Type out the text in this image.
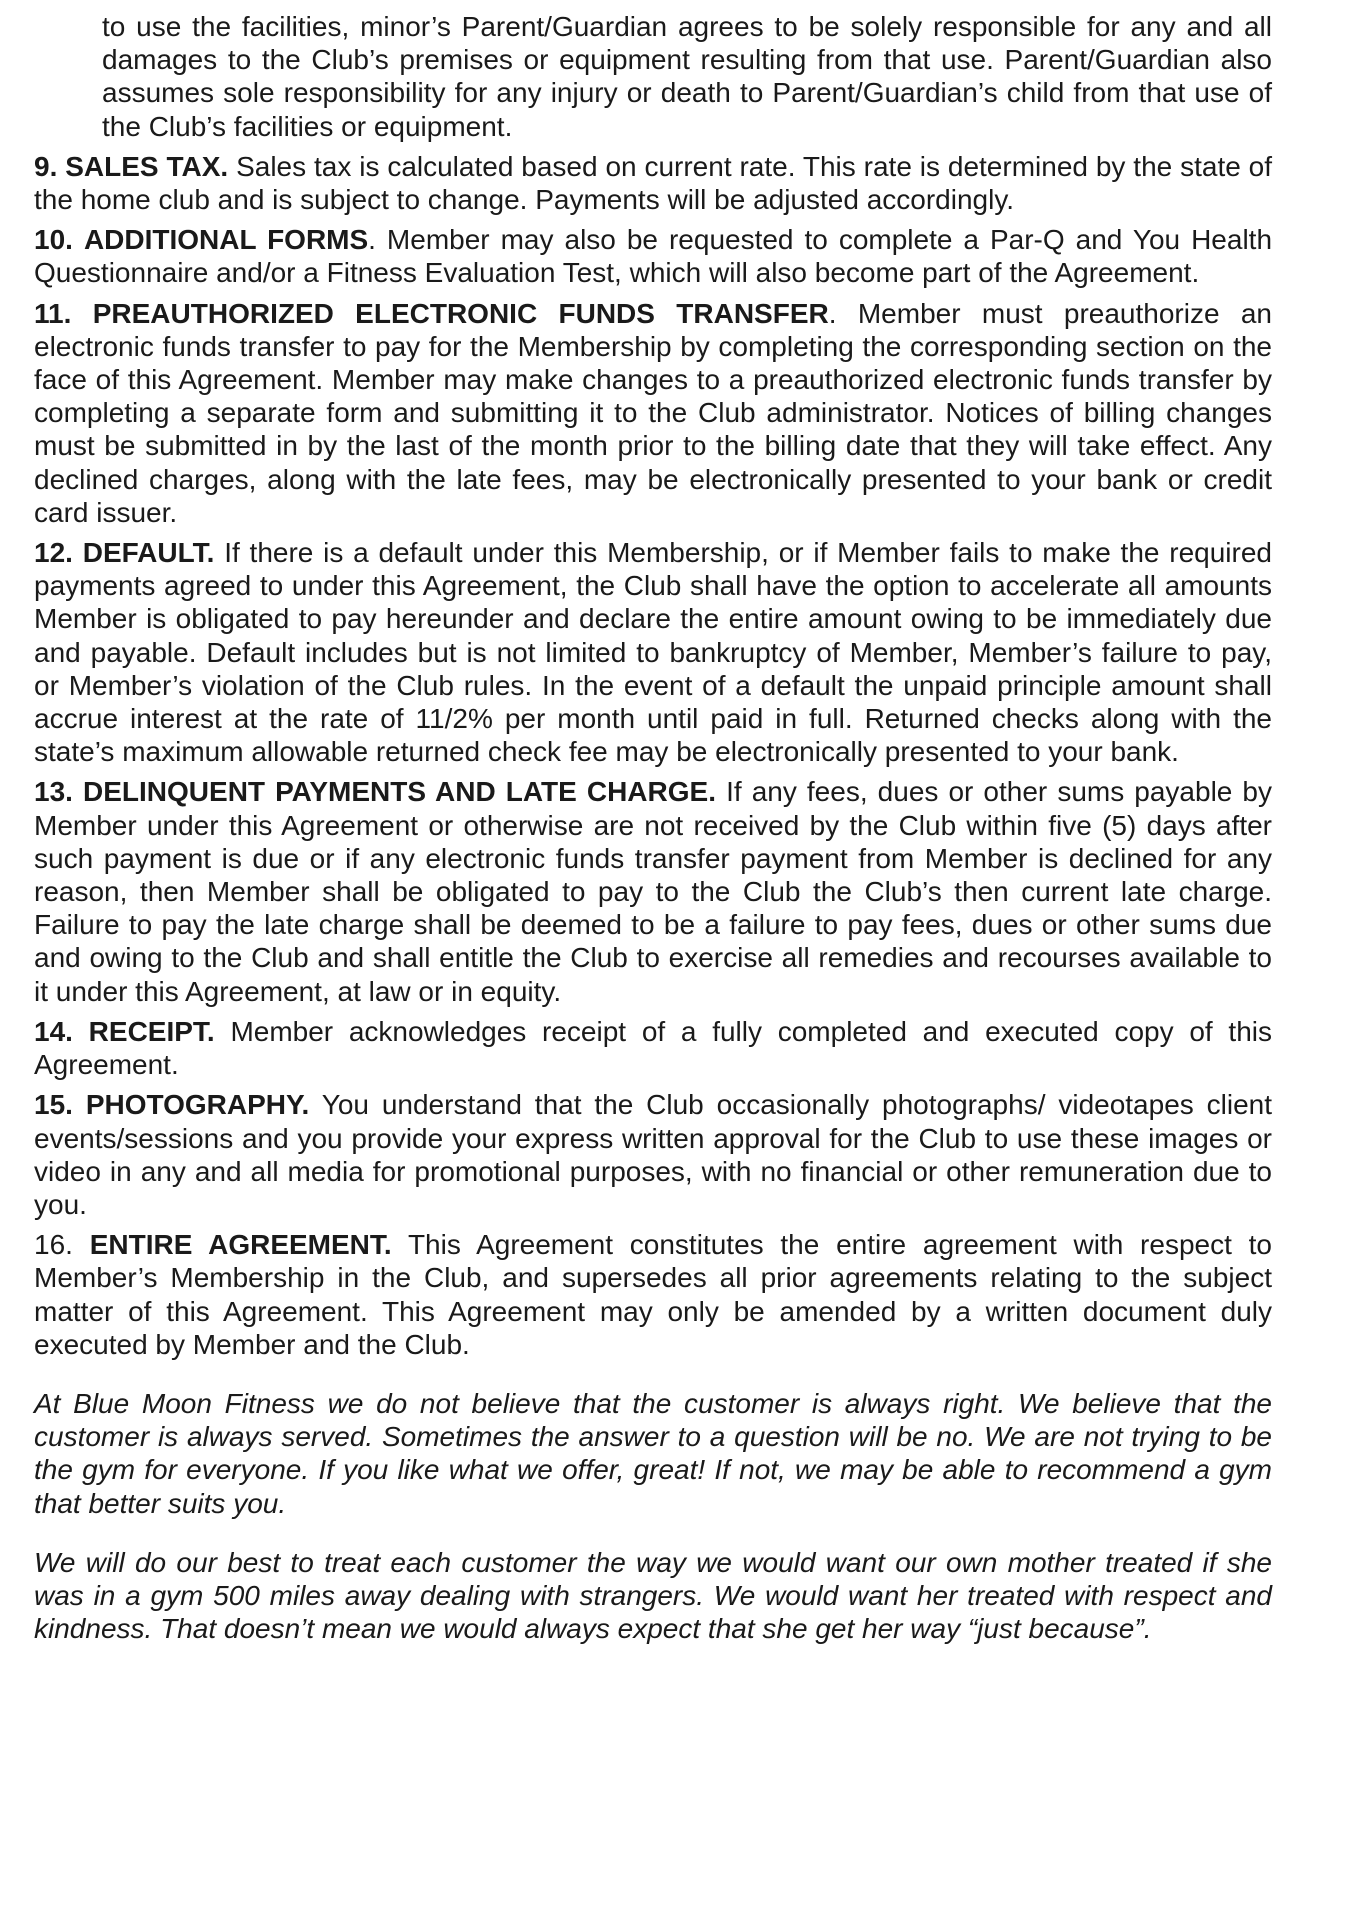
to use the facilities, minor’s Parent/Guardian agrees to be solely responsible for any and all damages to the Club’s premises or equipment resulting from that use. Parent/Guardian also assumes sole responsibility for any injury or death to Parent/Guardian’s child from that use of the Club’s facilities or equipment.

9. SALES TAX. Sales tax is calculated based on current rate. This rate is determined by the state of the home club and is subject to change. Payments will be adjusted accordingly.

10. ADDITIONAL FORMS. Member may also be requested to complete a Par-Q and You Health Questionnaire and/or a Fitness Evaluation Test, which will also become part of the Agreement.

11. PREAUTHORIZED ELECTRONIC FUNDS TRANSFER. Member must preauthorize an electronic funds transfer to pay for the Membership by completing the corresponding section on the face of this Agreement. Member may make changes to a preauthorized electronic funds transfer by completing a separate form and submitting it to the Club administrator. Notices of billing changes must be submitted in by the last of the month prior to the billing date that they will take effect. Any declined charges, along with the late fees, may be electronically presented to your bank or credit card issuer.

12. DEFAULT. If there is a default under this Membership, or if Member fails to make the required payments agreed to under this Agreement, the Club shall have the option to accelerate all amounts Member is obligated to pay hereunder and declare the entire amount owing to be immediately due and payable. Default includes but is not limited to bankruptcy of Member, Member’s failure to pay, or Member’s violation of the Club rules. In the event of a default the unpaid principle amount shall accrue interest at the rate of 11/2% per month until paid in full. Returned checks along with the state’s maximum allowable returned check fee may be electronically presented to your bank.

13. DELINQUENT PAYMENTS AND LATE CHARGE. If any fees, dues or other sums payable by Member under this Agreement or otherwise are not received by the Club within five (5) days after such payment is due or if any electronic funds transfer payment from Member is declined for any reason, then Member shall be obligated to pay to the Club the Club’s then current late charge. Failure to pay the late charge shall be deemed to be a failure to pay fees, dues or other sums due and owing to the Club and shall entitle the Club to exercise all remedies and recourses available to it under this Agreement, at law or in equity.

14. RECEIPT. Member acknowledges receipt of a fully completed and executed copy of this Agreement.

15. PHOTOGRAPHY. You understand that the Club occasionally photographs/ videotapes client events/sessions and you provide your express written approval for the Club to use these images or video in any and all media for promotional purposes, with no financial or other remuneration due to you.

16. ENTIRE AGREEMENT. This Agreement constitutes the entire agreement with respect to Member’s Membership in the Club, and supersedes all prior agreements relating to the subject matter of this Agreement. This Agreement may only be amended by a written document duly executed by Member and the Club.

At Blue Moon Fitness we do not believe that the customer is always right. We believe that the customer is always served. Sometimes the answer to a question will be no. We are not trying to be the gym for everyone. If you like what we offer, great! If not, we may be able to recommend a gym that better suits you.

We will do our best to treat each customer the way we would want our own mother treated if she was in a gym 500 miles away dealing with strangers. We would want her treated with respect and kindness. That doesn’t mean we would always expect that she get her way “just because”.
